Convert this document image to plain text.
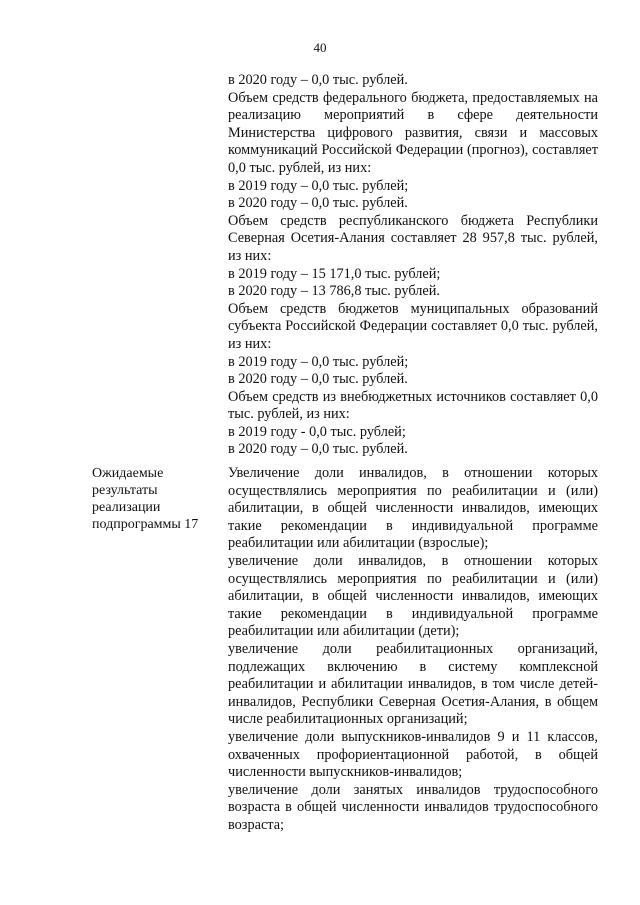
40

в 2020 году – 0,0 тыс. рублей.

Объем средств федерального бюджета, предоставляемых на реализацию мероприятий в сфере деятельности Министерства цифрового развития, связи и массовых коммуникаций Российской Федерации (прогноз), составляет 0,0 тыс. рублей, из них:

в 2019 году – 0,0 тыс. рублей;

в 2020 году – 0,0 тыс. рублей.

Объем средств республиканского бюджета Республики Северная Осетия-Алания составляет 28 957,8 тыс. рублей, из них:

в 2019 году – 15 171,0 тыс. рублей;

в 2020 году – 13 786,8 тыс. рублей.

Объем средств бюджетов муниципальных образований субъекта Российской Федерации составляет 0,0 тыс. рублей, из них:

в 2019 году – 0,0 тыс. рублей;

в 2020 году – 0,0 тыс. рублей.

Объем средств из внебюджетных источников составляет 0,0 тыс. рублей, из них:

в 2019 году - 0,0 тыс. рублей;

в 2020 году – 0,0 тыс. рублей.

Ожидаемые результаты реализации подпрограммы 17

Увеличение доли инвалидов, в отношении которых осуществлялись мероприятия по реабилитации и (или) абилитации, в общей численности инвалидов, имеющих такие рекомендации в индивидуальной программе реабилитации или абилитации (взрослые);

увеличение доли инвалидов, в отношении которых осуществлялись мероприятия по реабилитации и (или) абилитации, в общей численности инвалидов, имеющих такие рекомендации в индивидуальной программе реабилитации или абилитации (дети);

увеличение доли реабилитационных организаций, подлежащих включению в систему комплексной реабилитации и абилитации инвалидов, в том числе детей-инвалидов, Республики Северная Осетия-Алания, в общем числе реабилитационных организаций;

увеличение доли выпускников-инвалидов 9 и 11 классов, охваченных профориентационной работой, в общей численности выпускников-инвалидов;

увеличение доли занятых инвалидов трудоспособного возраста в общей численности инвалидов трудоспособного возраста;
